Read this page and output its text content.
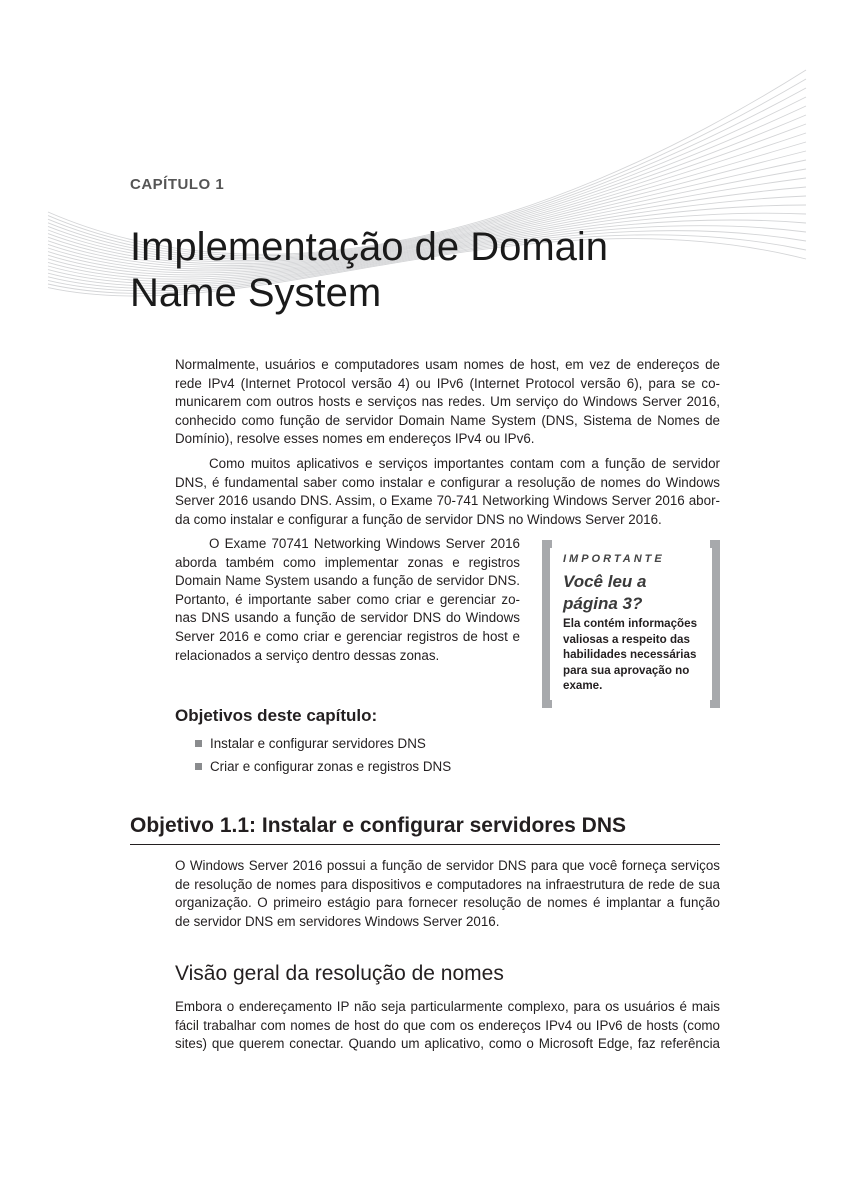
CAPÍTULO 1
Implementação de Domain
Name System

Normalmente, usuários e computadores usam nomes de host, em vez de endereços de
rede IPv4 (Internet Protocol versão 4) ou IPv6 (Internet Protocol versão 6), para se co-
municarem com outros hosts e serviços nas redes. Um serviço do Windows Server 2016,
conhecido como função de servidor Domain Name System (DNS, Sistema de Nomes de
Domínio), resolve esses nomes em endereços IPv4 ou IPv6.

Como muitos aplicativos e serviços importantes contam com a função de servidor
DNS, é fundamental saber como instalar e configurar a resolução de nomes do Windows
Server 2016 usando DNS. Assim, o Exame 70-741 Networking Windows Server 2016 abor-
da como instalar e configurar a função de servidor DNS no Windows Server 2016.

O Exame 70741 Networking Windows Server 2016
aborda também como implementar zonas e registros
Domain Name System usando a função de servidor DNS.
Portanto, é importante saber como criar e gerenciar zo-
nas DNS usando a função de servidor DNS do Windows
Server 2016 e como criar e gerenciar registros de host e
relacionados a serviço dentro dessas zonas.

IMPORTANTE
Você leu a página 3?
Ela contém informações valiosas a respeito das habilidades necessárias para sua aprovação no exame.
Objetivos deste capítulo:
Instalar e configurar servidores DNS
Criar e configurar zonas e registros DNS
Objetivo 1.1: Instalar e configurar servidores DNS

O Windows Server 2016 possui a função de servidor DNS para que você forneça serviços
de resolução de nomes para dispositivos e computadores na infraestrutura de rede de sua
organização. O primeiro estágio para fornecer resolução de nomes é implantar a função
de servidor DNS em servidores Windows Server 2016.

Visão geral da resolução de nomes

Embora o endereçamento IP não seja particularmente complexo, para os usuários é mais
fácil trabalhar com nomes de host do que com os endereços IPv4 ou IPv6 de hosts (como
sites) que querem conectar. Quando um aplicativo, como o Microsoft Edge, faz referência
